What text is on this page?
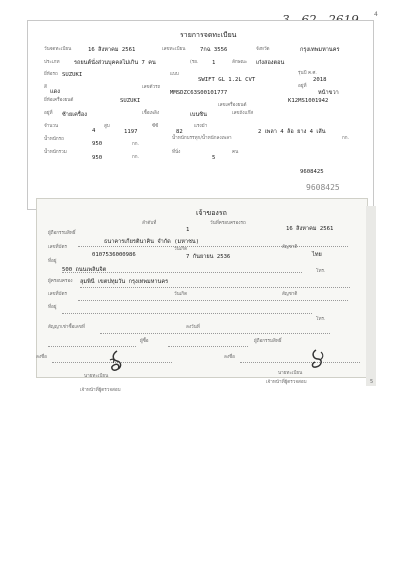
4
รายการจดทะเบียน
วันจดทะเบียน	16 สิงหาคม 2561	เลขทะเบียน	7กฉ 3556	จังหวัด	กรุงเทพมหานคร
ประเภท	รถยนต์นั่งส่วนบุคคลไม่เกิน 7 คน	(รย. 1	ลักษณะ เก๋งสองตอน
ยี่ห้อรถ SUZUKI	แบบ
SWIFT GL 1.2L CVT
รุ่นปี ค.ศ.
2018
สี
แดง
เลขตัวรถ
MMSDZC63S00101777
อยู่ที่
หน้าขวา
ยี่ห้อเครื่องยนต์	SUZUKI
เลขเครื่องยนต์
K12MS1001942
อยู่ที่ ซ้ายเครื่อง	เชื้อเพลิง	เบนซิน	เลขถังแก๊ส
จำนวน
4
สูบ
1197
ซีซี
82
แรงม้า
2 เพลา 4 ล้อ ยาง 4 เส้น
น้ำหนักรถ
950	กก.
น้ำหนักบรรทุก/น้ำหนักลงเพลา	กก.
น้ำหนักรวม
950	กก.
ที่นั่ง
5
คน
9608425
9608425
เจ้าของรถ
ลำดับที่
1
วันที่ครอบครองรถ
16 สิงหาคม 2561
ผู้ถือกรรมสิทธิ์
ธนาคารเกียรตินาคิน จำกัด (มหาชน)
เลขที่บัตร
0107536000986
วันเกิด
7 กันยายน 2536
สัญชาติ
ไทย
ที่อยู่
500 ถนนเพลินจิต	โทร.
ผู้ครอบครอง ลุมพินี เขตปทุมวัน กรุงเทพมหานคร
เลขที่บัตร	วันเกิด	สัญชาติ
ที่อยู่
โทร.
สัญญาเช่าซื้อเลขที่	ลงวันที่
ผู้ซื้อ	ผู้ถือกรรมสิทธิ์
ลงชื่อ	ลงชื่อ
นายทะเบียน
นายทะเบียน
เจ้าหน้าที่ผู้ตรวจสอบ
เจ้าหน้าที่ผู้ตรวจสอบ	5
